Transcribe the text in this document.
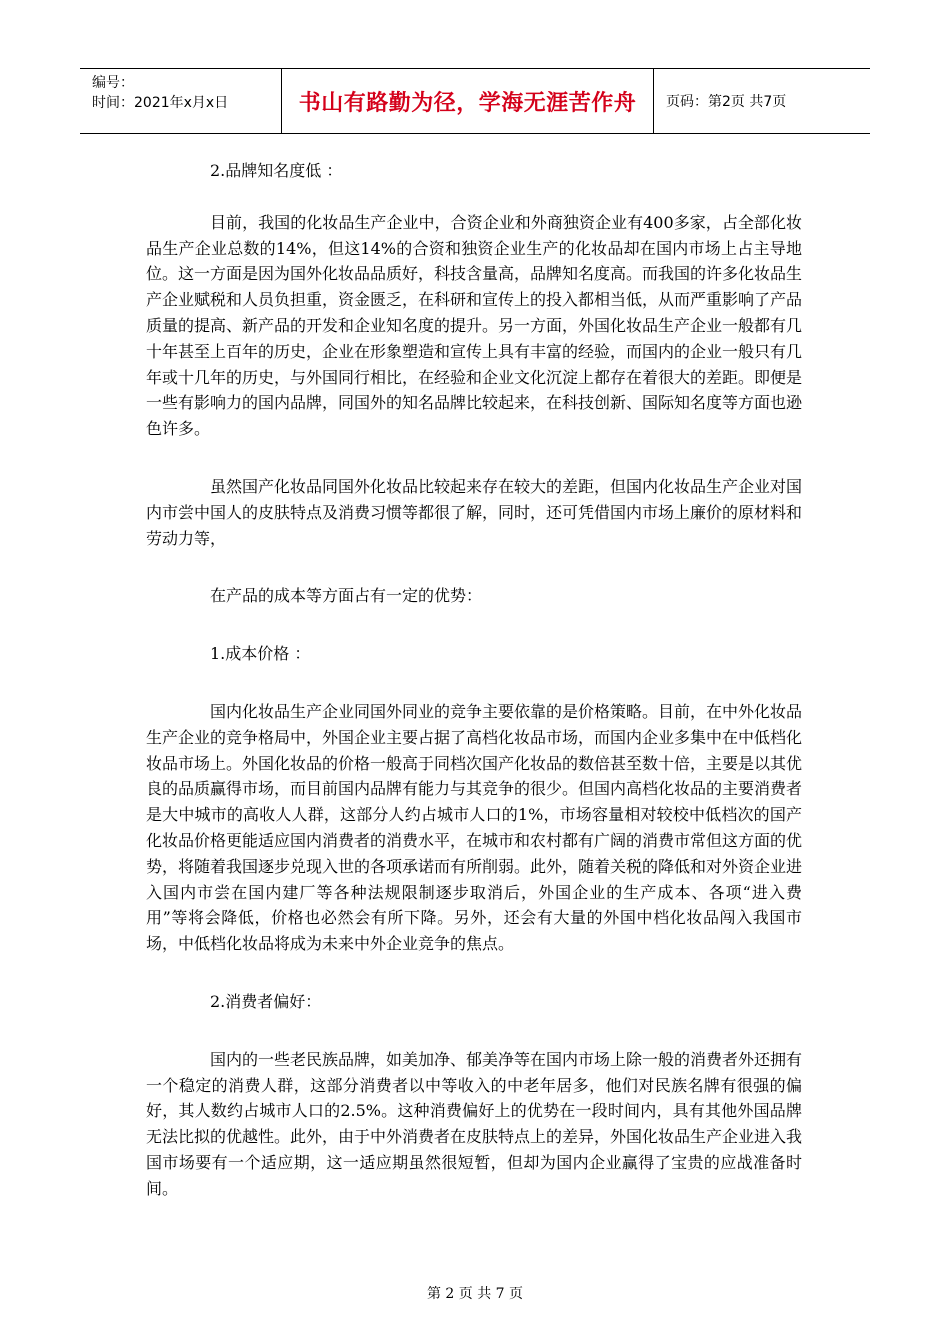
编号：
时间：2021年x月x日	书山有路勤为径，学海无涯苦作舟	页码：第2页 共7页

2.品牌知名度低 ：

目前，我国的化妆品生产企业中，合资企业和外商独资企业有400多家，占全部化妆品生产企业总数的14%，但这14%的合资和独资企业生产的化妆品却在国内市场上占主导地位。这一方面是因为国外化妆品品质好，科技含量高，品牌知名度高。而我国的许多化妆品生产企业赋税和人员负担重，资金匮乏，在科研和宣传上的投入都相当低，从而严重影响了产品质量的提高、新产品的开发和企业知名度的提升。另一方面，外国化妆品生产企业一般都有几十年甚至上百年的历史，企业在形象塑造和宣传上具有丰富的经验，而国内的企业一般只有几年或十几年的历史，与外国同行相比，在经验和企业文化沉淀上都存在着很大的差距。即便是一些有影响力的国内品牌，同国外的知名品牌比较起来，在科技创新、国际知名度等方面也逊色许多。

虽然国产化妆品同国外化妆品比较起来存在较大的差距，但国内化妆品生产企业对国内市尝中国人的皮肤特点及消费习惯等都很了解，同时，还可凭借国内市场上廉价的原材料和劳动力等，

在产品的成本等方面占有一定的优势：

1.成本价格 ：

国内化妆品生产企业同国外同业的竞争主要依靠的是价格策略。目前，在中外化妆品生产企业的竞争格局中，外国企业主要占据了高档化妆品市场，而国内企业多集中在中低档化妆品市场上。外国化妆品的价格一般高于同档次国产化妆品的数倍甚至数十倍，主要是以其优良的品质赢得市场，而目前国内品牌有能力与其竞争的很少。但国内高档化妆品的主要消费者是大中城市的高收人人群，这部分人约占城市人口的1%，市场容量相对较校中低档次的国产化妆品价格更能适应国内消费者的消费水平，在城市和农村都有广阔的消费市常但这方面的优势，将随着我国逐步兑现入世的各项承诺而有所削弱。此外，随着关税的降低和对外资企业进入国内市尝在国内建厂等各种法规限制逐步取消后，外国企业的生产成本、各项“进入费用”等将会降低，价格也必然会有所下降。另外，还会有大量的外国中档化妆品闯入我国市场，中低档化妆品将成为未来中外企业竞争的焦点。

2.消费者偏好：

国内的一些老民族品牌，如美加净、郁美净等在国内市场上除一般的消费者外还拥有一个稳定的消费人群，这部分消费者以中等收入的中老年居多，他们对民族名牌有很强的偏好，其人数约占城市人口的2.5%。这种消费偏好上的优势在一段时间内，具有其他外国品牌无法比拟的优越性。此外，由于中外消费者在皮肤特点上的差异，外国化妆品生产企业进入我国市场要有一个适应期，这一适应期虽然很短暂，但却为国内企业赢得了宝贵的应战准备时间。

第 2 页 共 7 页
